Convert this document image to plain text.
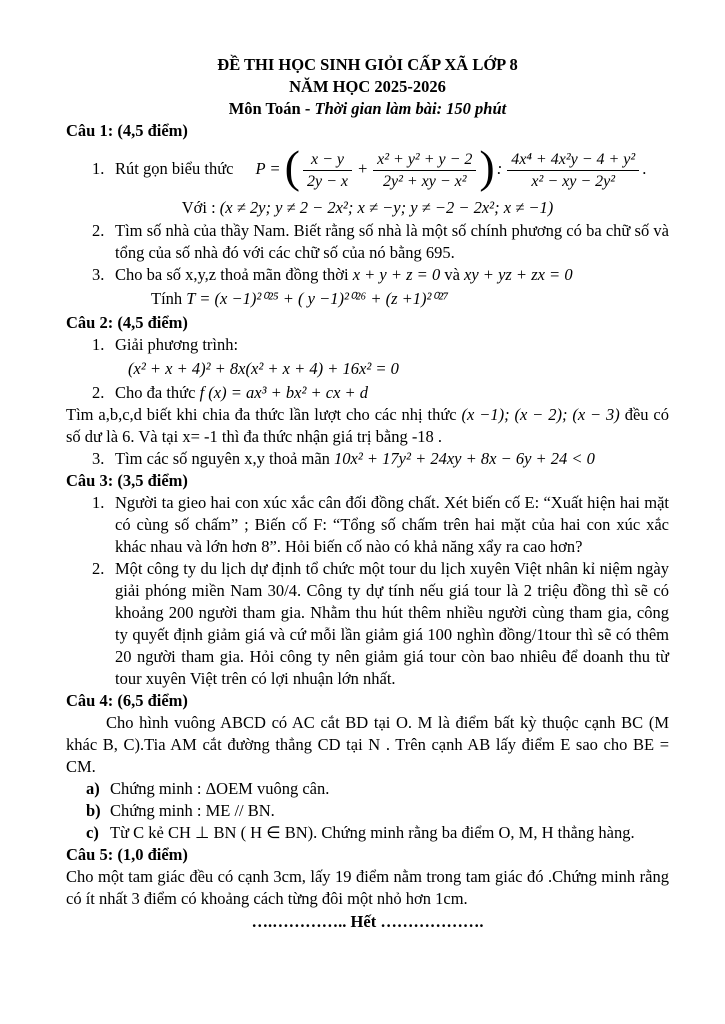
ĐỀ THI HỌC SINH GIỎI CẤP XÃ LỚP 8
NĂM HỌC 2025-2026
Môn Toán - Thời gian làm bài: 150 phút
Câu 1: (4,5 điểm)
1. Rút gọn biểu thức P = ( $\frac{x - y}{2y - x} + \frac{\text{x² + y² + y − 2}}{\text{2y² + xy − x²}}$ ) : $\frac{\text{4x⁴ + 4x²y − 4 + y²}}{\text{x² − xy − 2y²}}$ .
Với : (x ≠ 2y; y ≠ 2 − 2x²; x ≠ −y; y ≠ −2 − 2x²; x ≠ −1)
2. Tìm số nhà của thầy Nam. Biết rằng số nhà là một số chính phương có ba chữ số và tổng của số nhà đó với các chữ số của nó bằng 695.
3. Cho ba số x,y,z thoả mãn đồng thời x + y + z = 0 và xy + yz + zx = 0
Tính T = (x −1)²⁰²⁵ + ( y −1)²⁰²⁶ + (z +1)²⁰²⁷
Câu 2: (4,5 điểm)
1. Giải phương trình:
(x² + x + 4)² + 8x(x² + x + 4) + 16x² = 0
2. Cho đa thức f (x) = ax³ + bx² + cx + d
Tìm a,b,c,d biết khi chia đa thức lần lượt cho các nhị thức (x −1); (x − 2); (x − 3) đều có số dư là 6. Và tại x= -1 thì đa thức nhận giá trị bằng -18 .
3. Tìm các số nguyên x,y thoả mãn 10x² + 17y² + 24xy + 8x − 6y + 24 < 0
Câu 3: (3,5 điểm)
1. Người ta gieo hai con xúc xắc cân đối đồng chất. Xét biến cố E: “Xuất hiện hai mặt có cùng số chấm” ; Biến cố F: “Tổng số chấm trên hai mặt của hai con xúc xắc khác nhau và lớn hơn 8”. Hỏi biến cố nào có khả năng xẩy ra cao hơn?
2. Một công ty du lịch dự định tổ chức một tour du lịch xuyên Việt nhân kỉ niệm ngày giải phóng miền Nam 30/4. Công ty dự tính nếu giá tour là 2 triệu đồng thì sẽ có khoảng 200 người tham gia. Nhằm thu hút thêm nhiều người cùng tham gia, công ty quyết định giảm giá và cứ mỗi lần giảm giá 100 nghìn đồng/1tour thì sẽ có thêm 20 người tham gia. Hỏi công ty nên giảm giá tour còn bao nhiêu để doanh thu từ tour xuyên Việt trên có lợi nhuận lớn nhất.
Câu 4: (6,5 điểm)
Cho hình vuông ABCD có AC cắt BD tại O. M là điểm bất kỳ thuộc cạnh BC (M khác B, C).Tia AM cắt đường thẳng CD tại N . Trên cạnh AB lấy điểm E sao cho BE = CM.
a) Chứng minh : ΔOEM vuông cân.
b) Chứng minh : ME // BN.
c) Từ C kẻ CH ⊥ BN ( H ∈ BN). Chứng minh rằng ba điểm O, M, H thẳng hàng.
Câu 5: (1,0 điểm)
Cho một tam giác đều có cạnh 3cm, lấy 19 điểm nằm trong tam giác đó .Chứng minh rằng có ít nhất 3 điểm có khoảng cách từng đôi một nhỏ hơn 1cm.
….………….. Hết ……………….
